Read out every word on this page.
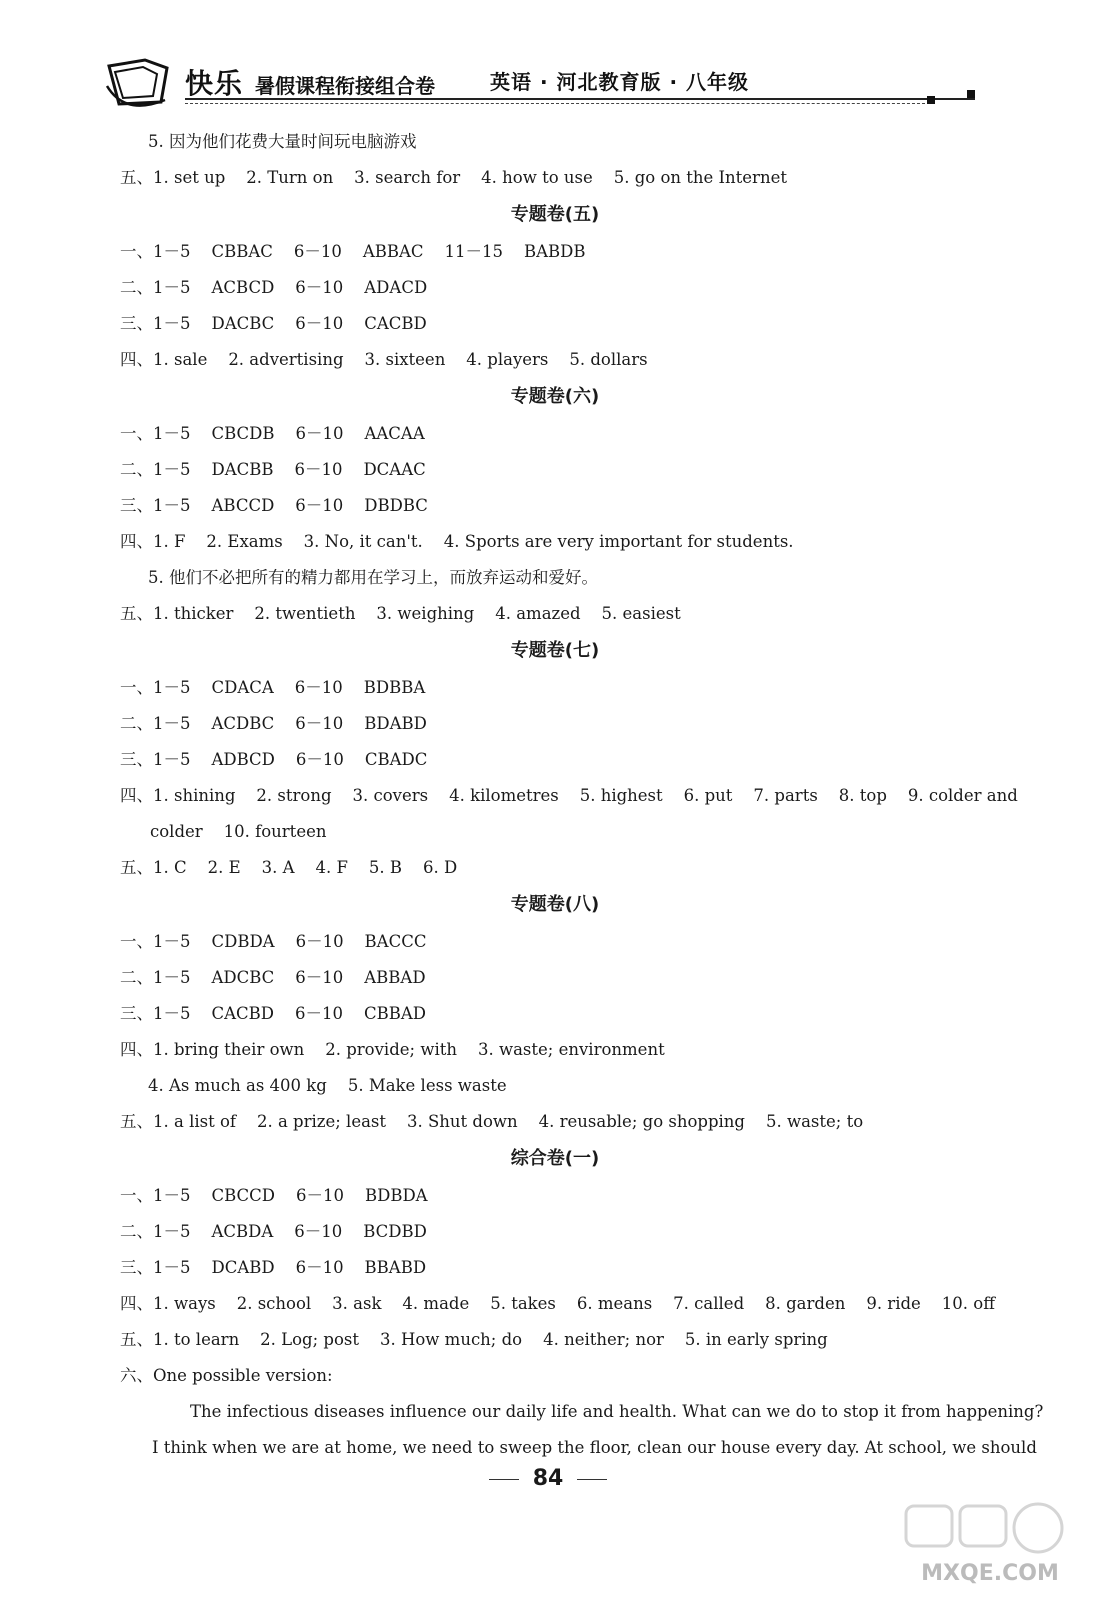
快乐 暑假课程衔接组合卷	英语 · 河北教育版 · 八年级
5. 因为他们花费大量时间玩电脑游戏
五、1. set up    2. Turn on    3. search for    4. how to use    5. go on the Internet
专题卷(五)
一、1－5    CBBAC    6－10    ABBAC    11－15    BABDB
二、1－5    ACBCD    6－10    ADACD
三、1－5    DACBC    6－10    CACBD
四、1. sale    2. advertising    3. sixteen    4. players    5. dollars
专题卷(六)
一、1－5    CBCDB    6－10    AACAA
二、1－5    DACBB    6－10    DCAAC
三、1－5    ABCCD    6－10    DBDBC
四、1. F    2. Exams    3. No, it can't.    4. Sports are very important for students.
5. 他们不必把所有的精力都用在学习上，而放弃运动和爱好。
五、1. thicker    2. twentieth    3. weighing    4. amazed    5. easiest
专题卷(七)
一、1－5    CDACA    6－10    BDBBA
二、1－5    ACDBC    6－10    BDABD
三、1－5    ADBCD    6－10    CBADC
四、1. shining    2. strong    3. covers    4. kilometres    5. highest    6. put    7. parts    8. top    9. colder and
colder    10. fourteen
五、1. C    2. E    3. A    4. F    5. B    6. D
专题卷(八)
一、1－5    CDBDA    6－10    BACCC
二、1－5    ADCBC    6－10    ABBAD
三、1－5    CACBD    6－10    CBBAD
四、1. bring their own    2. provide; with    3. waste; environment
4. As much as 400 kg    5. Make less waste
五、1. a list of    2. a prize; least    3. Shut down    4. reusable; go shopping    5. waste; to
综合卷(一)
一、1－5    CBCCD    6－10    BDBDA
二、1－5    ACBDA    6－10    BCDBD
三、1－5    DCABD    6－10    BBABD
四、1. ways    2. school    3. ask    4. made    5. takes    6. means    7. called    8. garden    9. ride    10. off
五、1. to learn    2. Log; post    3. How much; do    4. neither; nor    5. in early spring
六、One possible version:
The infectious diseases influence our daily life and health. What can we do to stop it from happening?
I think when we are at home, we need to sweep the floor, clean our house every day. At school, we should
84
MXQE.COM
